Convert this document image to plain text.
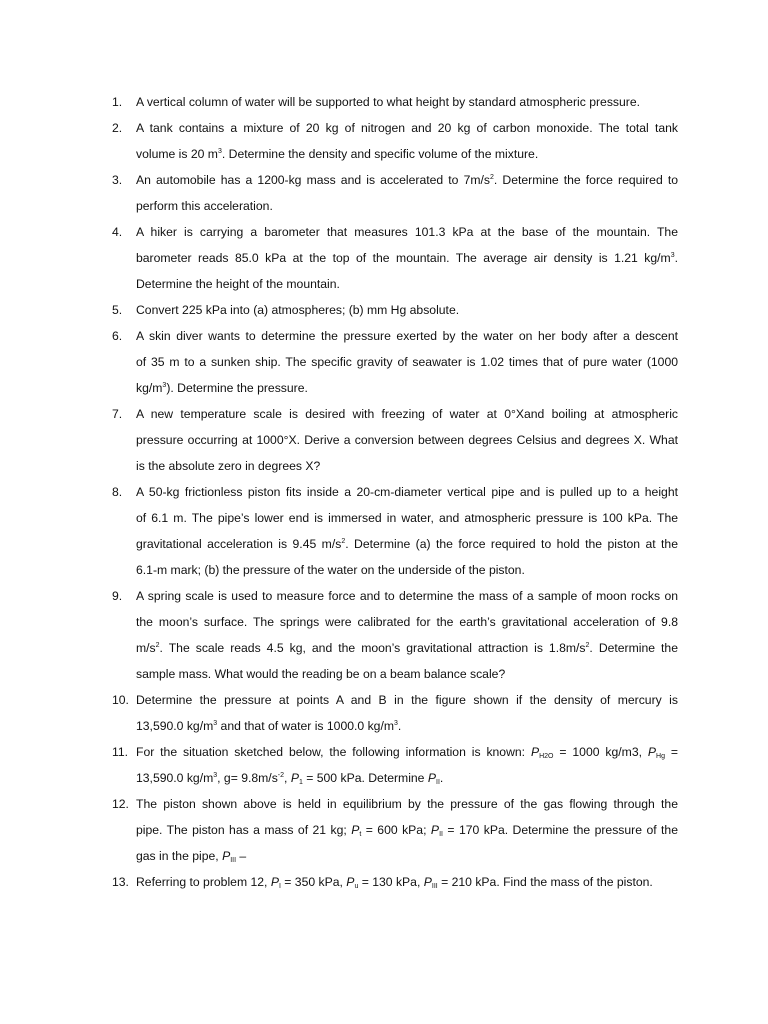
1.	A vertical column of water will be supported to what height by standard atmospheric pressure.
2.	A tank contains a mixture of 20 kg of nitrogen and 20 kg of carbon monoxide. The total tank
volume is 20 $m^3$. Determine the density and specific volume of the mixture.
3.	An automobile has a 1200-kg mass and is accelerated to $7m/s^2$. Determine the force required to
perform this acceleration.
4.	A hiker is carrying a barometer that measures 101.3 kPa at the base of the mountain. The
barometer reads 85.0 kPa at the top of the mountain. The average air density is 1.21 $kg/m^3$.
Determine the height of the mountain.
5.	Convert 225 kPa into (a) atmospheres; (b) mm Hg absolute.
6.	A skin diver wants to determine the pressure exerted by the water on her body after a descent
of 35 m to a sunken ship. The specific gravity of seawater is 1.02 times that of pure water (1000
$kg/m^3$). Determine the pressure.
7.	A new temperature scale is desired with freezing of water at 0°Xand boiling at atmospheric
pressure occurring at 1000°X. Derive a conversion between degrees Celsius and degrees X. What
is the absolute zero in degrees X?
8.	A 50-kg frictionless piston fits inside a 20-cm-diameter vertical pipe and is pulled up to a height
of 6.1 m. The pipe’s lower end is immersed in water, and atmospheric pressure is 100 kPa. The
gravitational acceleration is 9.45 $m/s^2$. Determine (a) the force required to hold the piston at the
6.1-m mark; (b) the pressure of the water on the underside of the piston.
9.	A spring scale is used to measure force and to determine the mass of a sample of moon rocks on
the moon’s surface. The springs were calibrated for the earth’s gravitational acceleration of 9.8
$m/s^2$. The scale reads 4.5 kg, and the moon’s gravitational attraction is $1.8m/s^2$. Determine the
sample mass. What would the reading be on a beam balance scale?
10. Determine the pressure at points A and B in the figure shown if the density of mercury is
13,590.0 $kg/m^3$ and that of water is 1000.0 $kg/m^3$.
11. For the situation sketched below, the following information is known: $P_{H2O} = 1000$ kg/m3, $P_{Hg}$ =
13,590.0 $kg/m^3$, $g= 9.8m/s^{-2}$, $P_1 = 500$ kPa. Determine $P_{II}$.
12. The piston shown above is held in equilibrium by the pressure of the gas flowing through the
pipe. The piston has a mass of 21 kg; $P_t = 600$ kPa; $P_{II} = 170$ kPa. Determine the pressure of the
gas in the pipe, $P_{III}$ –
13. Referring to problem 12, $P_I = 350$ kPa, $P_u = 130$ kPa, $P_{III} = 210$ kPa. Find the mass of the piston.
